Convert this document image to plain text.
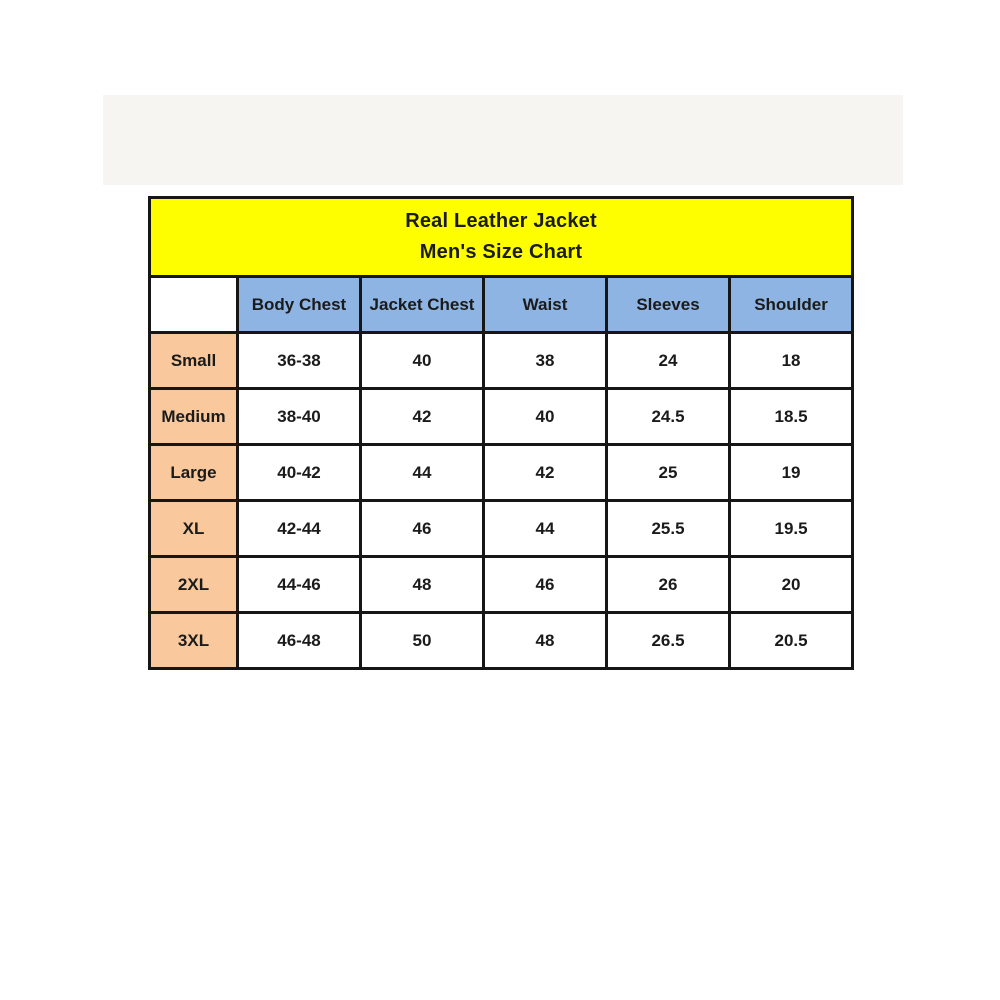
Real Leather Jacket
Men's Size Chart					

	Body Chest	Jacket Chest	Waist	Sleeves	Shoulder
Small	36-38	40	38	24	18
Medium	38-40	42	40	24.5	18.5
Large	40-42	44	42	25	19
XL	42-44	46	44	25.5	19.5
2XL	44-46	48	46	26	20
3XL	46-48	50	48	26.5	20.5
